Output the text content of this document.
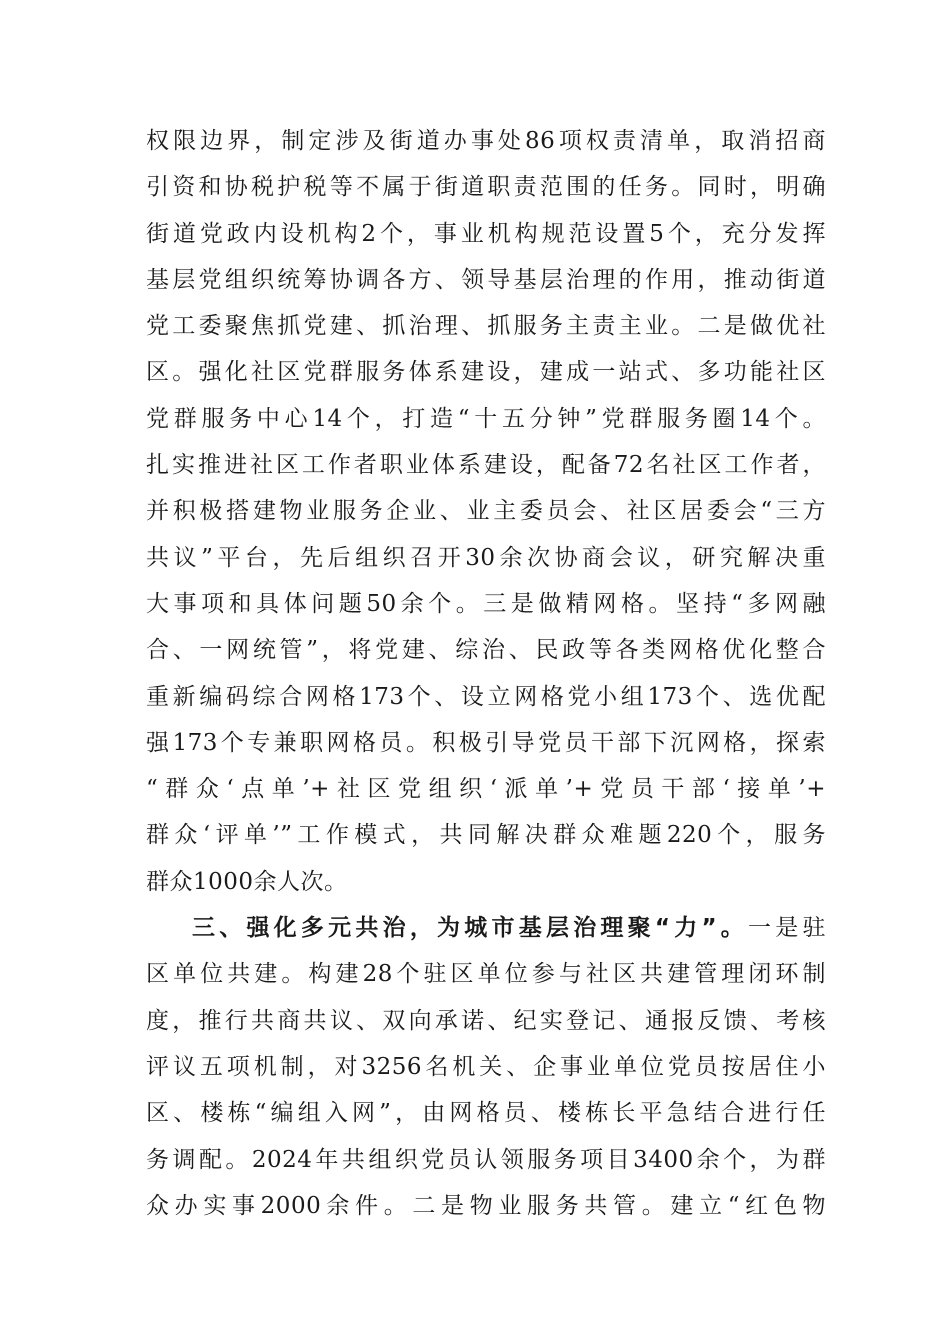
权限边界，制定涉及街道办事处86项权责清单，取消招商
引资和协税护税等不属于街道职责范围的任务。同时，明确
街道党政内设机构2个，事业机构规范设置5个，充分发挥
基层党组织统筹协调各方、领导基层治理的作用，推动街道
党工委聚焦抓党建、抓治理、抓服务主责主业。二是做优社
区。强化社区党群服务体系建设，建成一站式、多功能社区
党群服务中心14个，打造“十五分钟”党群服务圈14个。
扎实推进社区工作者职业体系建设，配备72名社区工作者，
并积极搭建物业服务企业、业主委员会、社区居委会“三方
共议”平台，先后组织召开30余次协商会议，研究解决重
大事项和具体问题50余个。三是做精网格。坚持“多网融
合、一网统管”，将党建、综治、民政等各类网格优化整合
重新编码综合网格173个、设立网格党小组173个、选优配
强173个专兼职网格员。积极引导党员干部下沉网格，探索
“群众‘点单’+社区党组织‘派单’+党员干部‘接单’+
群众‘评单’”工作模式，共同解决群众难题220个，服务
群众1000余人次。
三、强化多元共治，为城市基层治理聚“力”。一是驻
区单位共建。构建28个驻区单位参与社区共建管理闭环制
度，推行共商共议、双向承诺、纪实登记、通报反馈、考核
评议五项机制，对3256名机关、企事业单位党员按居住小
区、楼栋“编组入网”，由网格员、楼栋长平急结合进行任
务调配。2024年共组织党员认领服务项目3400余个，为群
众办实事2000余件。二是物业服务共管。建立“红色物
